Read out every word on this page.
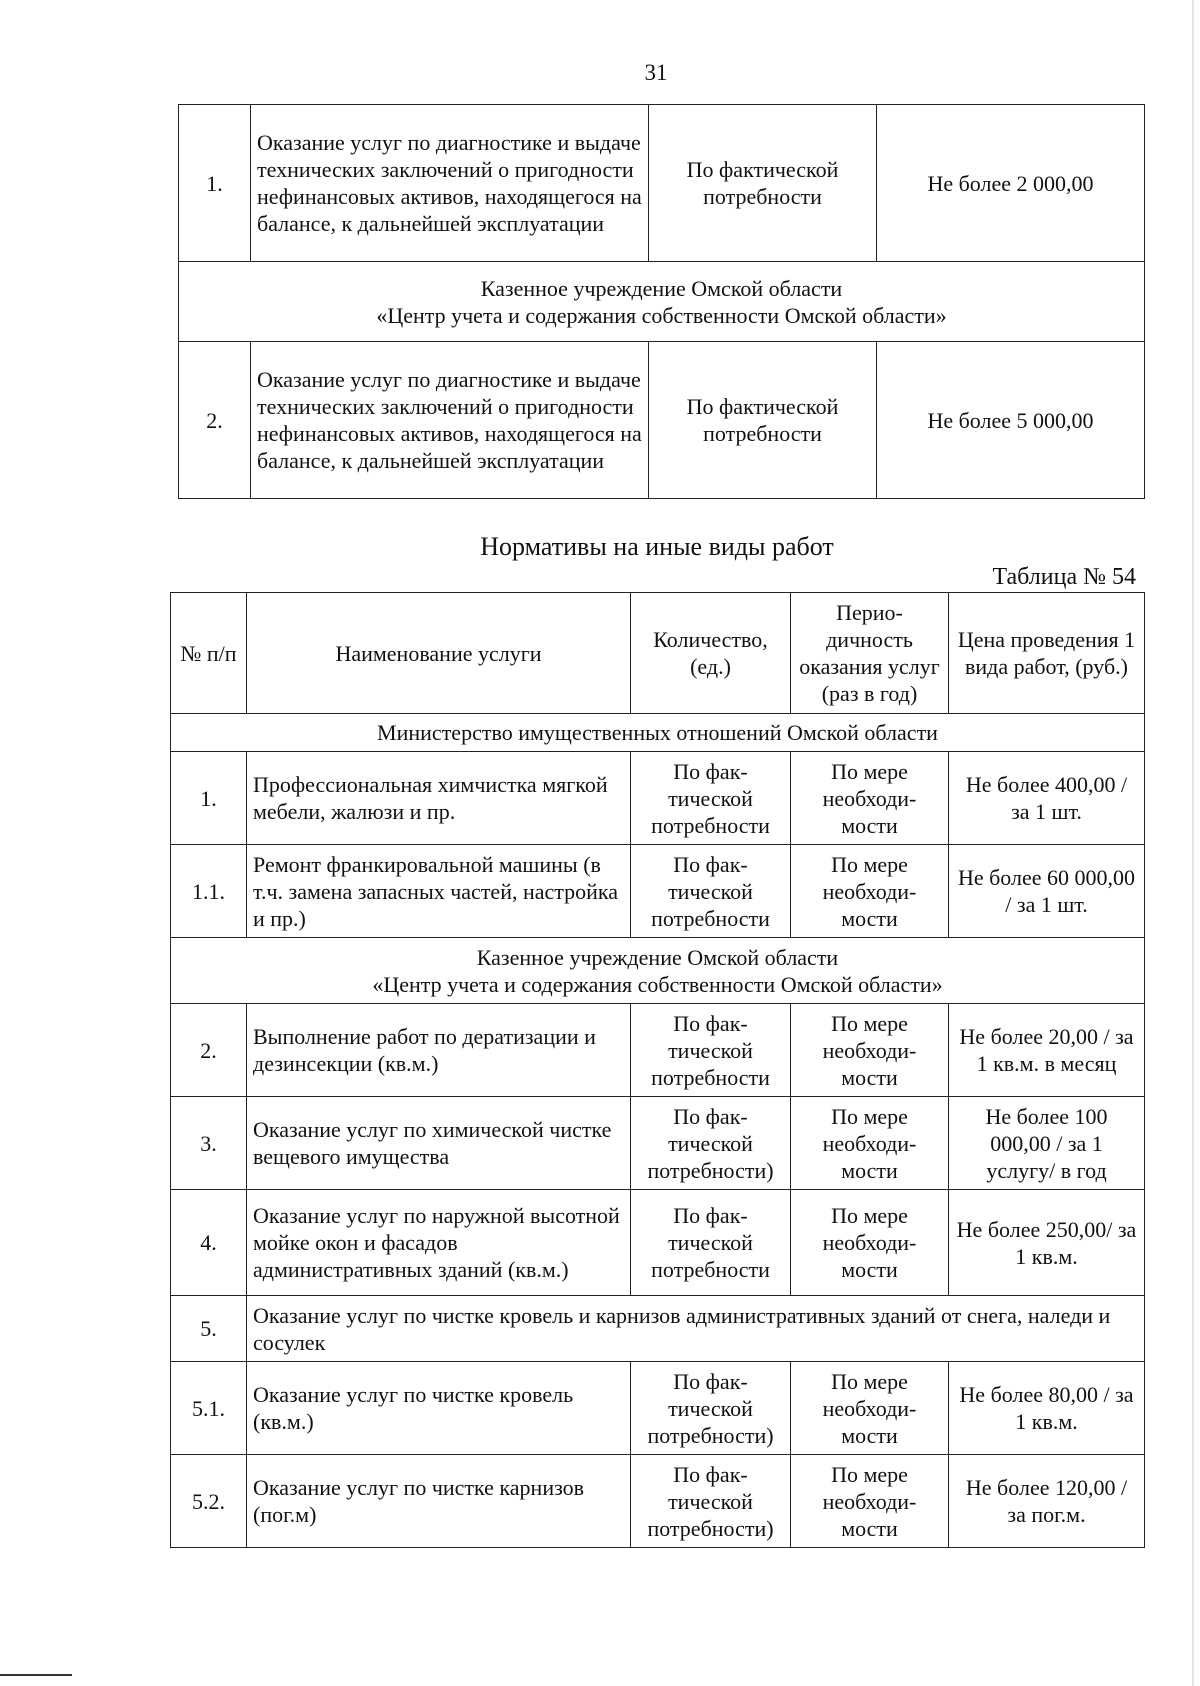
31
1.	Оказание услуг по диагностике и выдаче технических заключений о пригодности нефинансовых активов, находящегося на балансе, к дальнейшей эксплуатации	По фактической потребности	Не более 2 000,00

Казенное учреждение Омской области
«Центр учета и содержания собственности Омской области»			

2.	Оказание услуг по диагностике и выдаче технических заключений о пригодности нефинансовых активов, находящегося на балансе, к дальнейшей эксплуатации	По фактической потребности	Не более 5 000,00
Нормативы на иные виды работ
Таблица № 54
№ п/п	Наименование услуги	Количество, (ед.)	Перио-дичность оказания услуг (раз в год)	Цена проведения 1 вида работ, (руб.)
Министерство имущественных отношений Омской области				
1.	Профессиональная химчистка мягкой мебели, жалюзи и пр.	По фак-тической потребности	По мере необходи-мости	Не более 400,00 / за 1 шт.
1.1.	Ремонт франкировальной машины (в т.ч. замена запасных частей, настройка и пр.)	По фак-тической потребности	По мере необходи-мости	Не более 60 000,00 / за 1 шт.

Казенное учреждение Омской области
«Центр учета и содержания собственности Омской области»				

2.	Выполнение работ по дератизации и дезинсекции (кв.м.)	По фак-тической потребности	По мере необходи-мости	Не более 20,00 / за 1 кв.м. в месяц
3.	Оказание услуг по химической чистке вещевого имущества	По фак-тической потребности)	По мере необходи-мости	Не более 100 000,00 / за 1 услугу/ в год
4.	Оказание услуг по наружной высотной мойке окон и фасадов административных зданий (кв.м.)	По фак-тической потребности	По мере необходи-мости	Не более 250,00/ за 1 кв.м.
5.	Оказание услуг по чистке кровель и карнизов административных зданий от снега, наледи и сосулек			
5.1.	Оказание услуг по чистке кровель (кв.м.)	По фак-тической потребности)	По мере необходи-мости	Не более 80,00 / за 1 кв.м.
5.2.	Оказание услуг по чистке карнизов (пог.м)	По фак-тической потребности)	По мере необходи-мости	Не более 120,00 / за пог.м.
